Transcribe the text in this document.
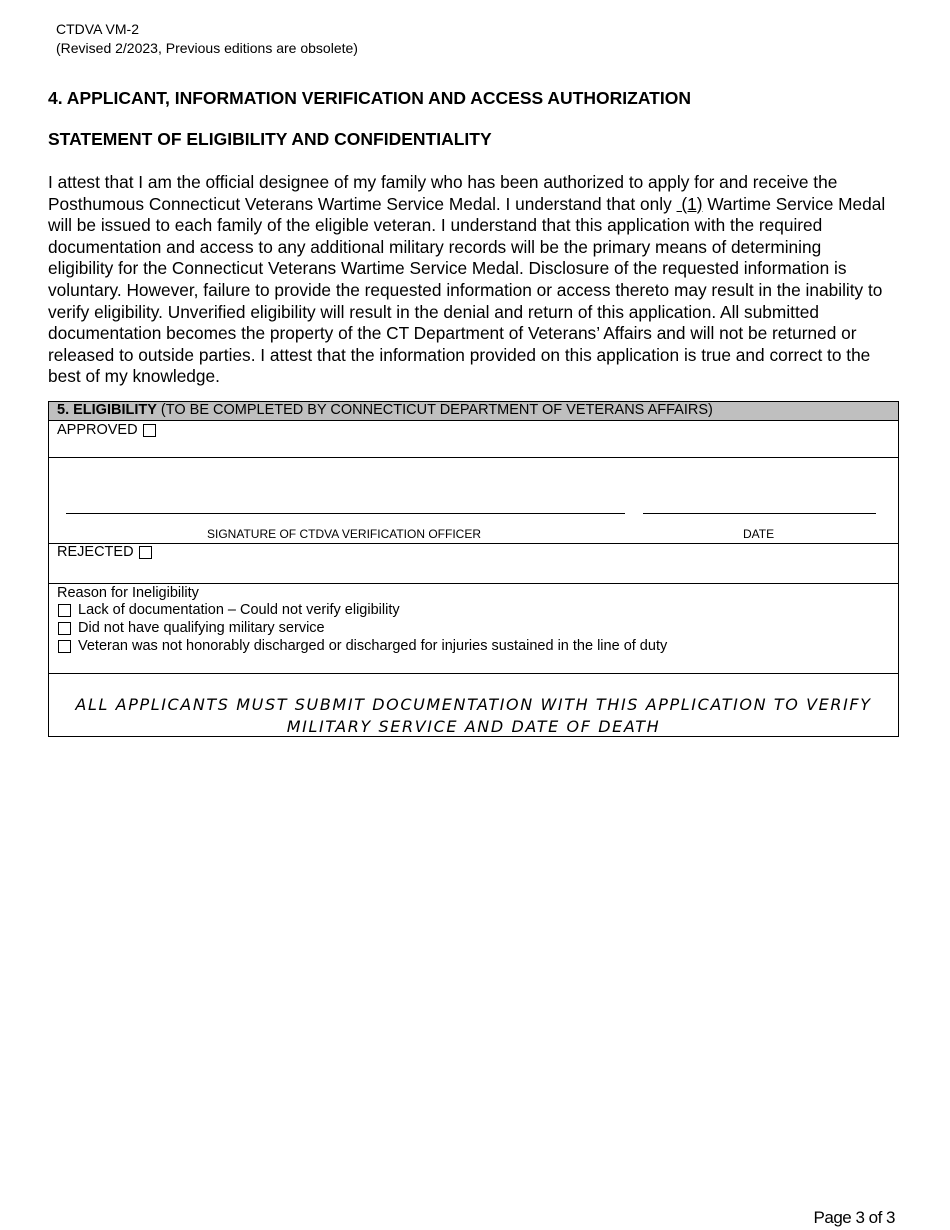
CTDVA VM-2
(Revised 2/2023, Previous editions are obsolete)
4. APPLICANT, INFORMATION VERIFICATION AND ACCESS AUTHORIZATION
STATEMENT OF ELIGIBILITY AND CONFIDENTIALITY
I attest that I am the official designee of my family who has been authorized to apply for and receive the Posthumous Connecticut Veterans Wartime Service Medal. I understand that only  (1) Wartime Service Medal will be issued to each family of the eligible veteran. I understand that this application with the required documentation and access to any additional military records will be the primary means of determining eligibility for the Connecticut Veterans Wartime Service Medal. Disclosure of the requested information is voluntary. However, failure to provide the requested information or access thereto may result in the inability to verify eligibility. Unverified eligibility will result in the denial and return of this application. All submitted documentation becomes the property of the CT Department of Veterans’ Affairs and will not be returned or released to outside parties. I attest that the information provided on this application is true and correct to the best of my knowledge.
5. ELIGIBILITY (TO BE COMPLETED BY CONNECTICUT DEPARTMENT OF VETERANS AFFAIRS)
APPROVED
SIGNATURE OF CTDVA VERIFICATION OFFICER	DATE
REJECTED
Reason for Ineligibility
Lack of documentation – Could not verify eligibility
Did not have qualifying military service
Veteran was not honorably discharged or discharged for injuries sustained in the line of duty
ALL APPLICANTS MUST SUBMIT DOCUMENTATION WITH THIS APPLICATION TO VERIFY
MILITARY SERVICE AND DATE OF DEATH
Page 3 of 3
